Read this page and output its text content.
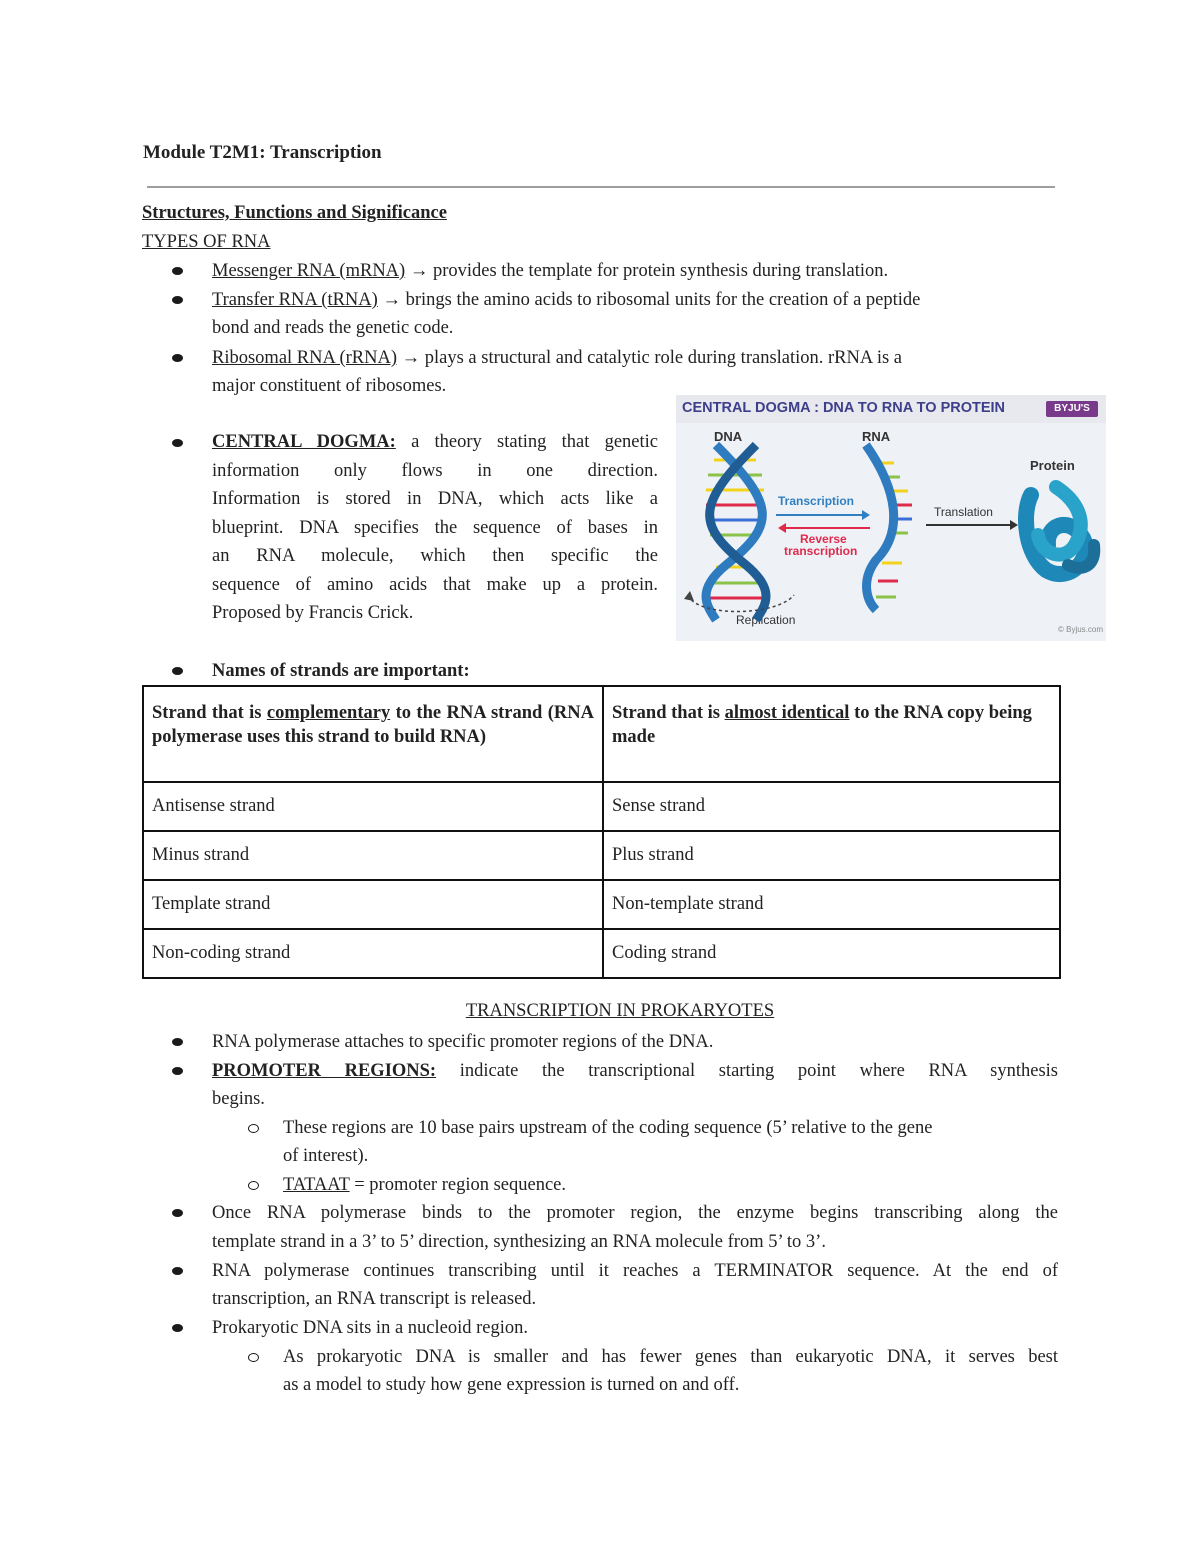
Module T2M1: Transcription
Structures, Functions and Significance
TYPES OF RNA
Messenger RNA (mRNA) → provides the template for protein synthesis during translation.
Transfer RNA (tRNA) → brings the amino acids to ribosomal units for the creation of a peptide
bond and reads the genetic code.
Ribosomal RNA (rRNA) → plays a structural and catalytic role during translation. rRNA is a
major constituent of ribosomes.
CENTRAL DOGMA: a theory stating that genetic
information only flows in one direction.
Information is stored in DNA, which acts like a
blueprint. DNA specifies the sequence of bases in
an RNA molecule, which then specific the
sequence of amino acids that make up a protein.
Proposed by Francis Crick.
CENTRAL DOGMA : DNA TO RNA TO PROTEIN	BYJU'S
DNA	RNA
Protein
Transcription
Reverse
transcription
Translation
Replication
© Byjus.com
Names of strands are important:
Strand that is complementary to the RNA strand (RNA polymerase uses this strand to build RNA)	Strand that is almost identical to the RNA copy being made
Antisense strand	Sense strand
Minus strand	Plus strand
Template strand	Non-template strand
Non-coding strand	Coding strand
TRANSCRIPTION IN PROKARYOTES
RNA polymerase attaches to specific promoter regions of the DNA.
PROMOTER REGIONS: indicate the transcriptional starting point where RNA synthesis
begins.
These regions are 10 base pairs upstream of the coding sequence (5’ relative to the gene
of interest).
TATAAT = promoter region sequence.
Once RNA polymerase binds to the promoter region, the enzyme begins transcribing along the
template strand in a 3’ to 5’ direction, synthesizing an RNA molecule from 5’ to 3’.
RNA polymerase continues transcribing until it reaches a TERMINATOR sequence. At the end of
transcription, an RNA transcript is released.
Prokaryotic DNA sits in a nucleoid region.
As prokaryotic DNA is smaller and has fewer genes than eukaryotic DNA, it serves best
as a model to study how gene expression is turned on and off.
